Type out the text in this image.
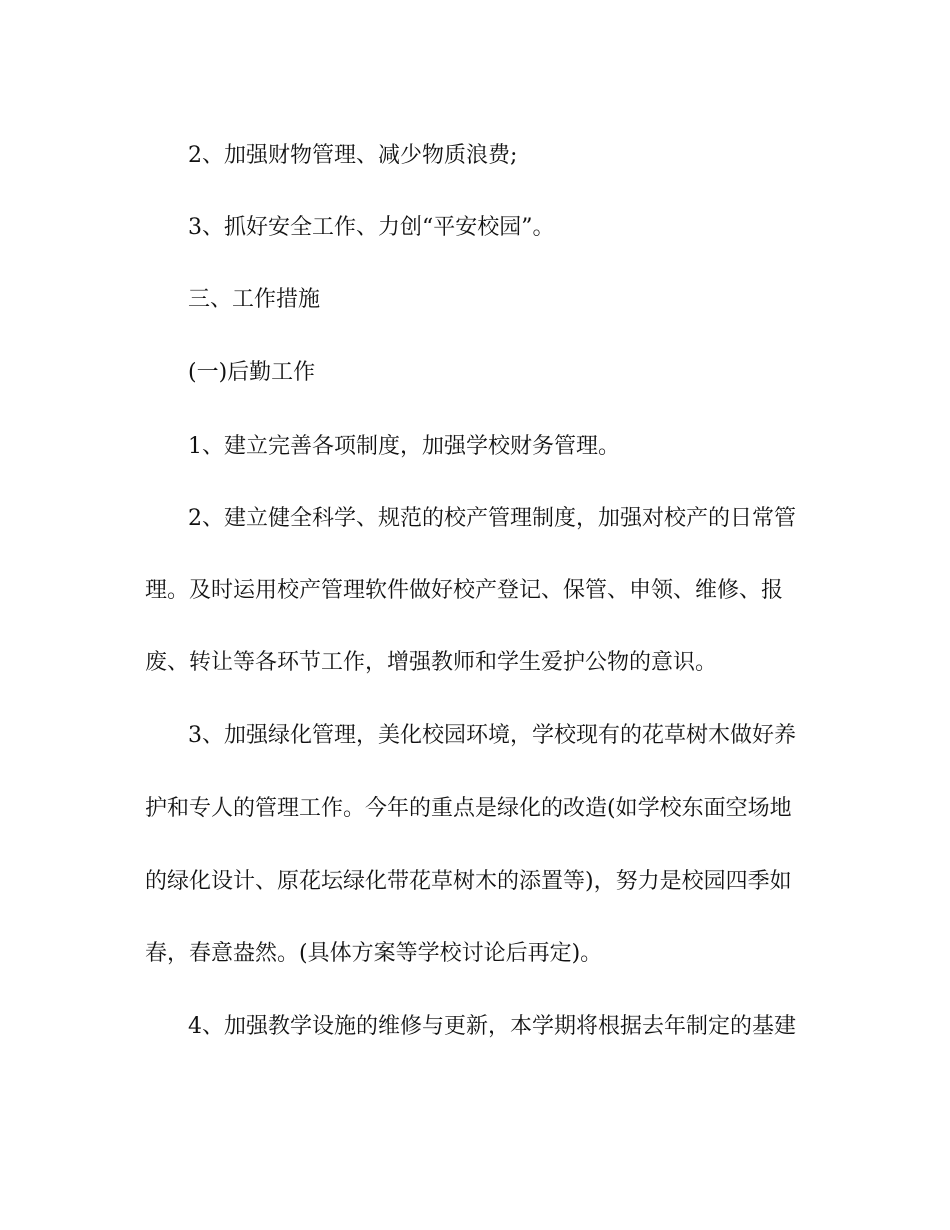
2、加强财物管理、减少物质浪费;
3、抓好安全工作、力创“平安校园”。
三、工作措施
(一)后勤工作
1、建立完善各项制度，加强学校财务管理。
2、建立健全科学、规范的校产管理制度，加强对校产的日常管
理。及时运用校产管理软件做好校产登记、保管、申领、维修、报
废、转让等各环节工作，增强教师和学生爱护公物的意识。
3、加强绿化管理，美化校园环境，学校现有的花草树木做好养
护和专人的管理工作。今年的重点是绿化的改造(如学校东面空场地
的绿化设计、原花坛绿化带花草树木的添置等)，努力是校园四季如
春，春意盎然。(具体方案等学校讨论后再定)。
4、加强教学设施的维修与更新，本学期将根据去年制定的基建
